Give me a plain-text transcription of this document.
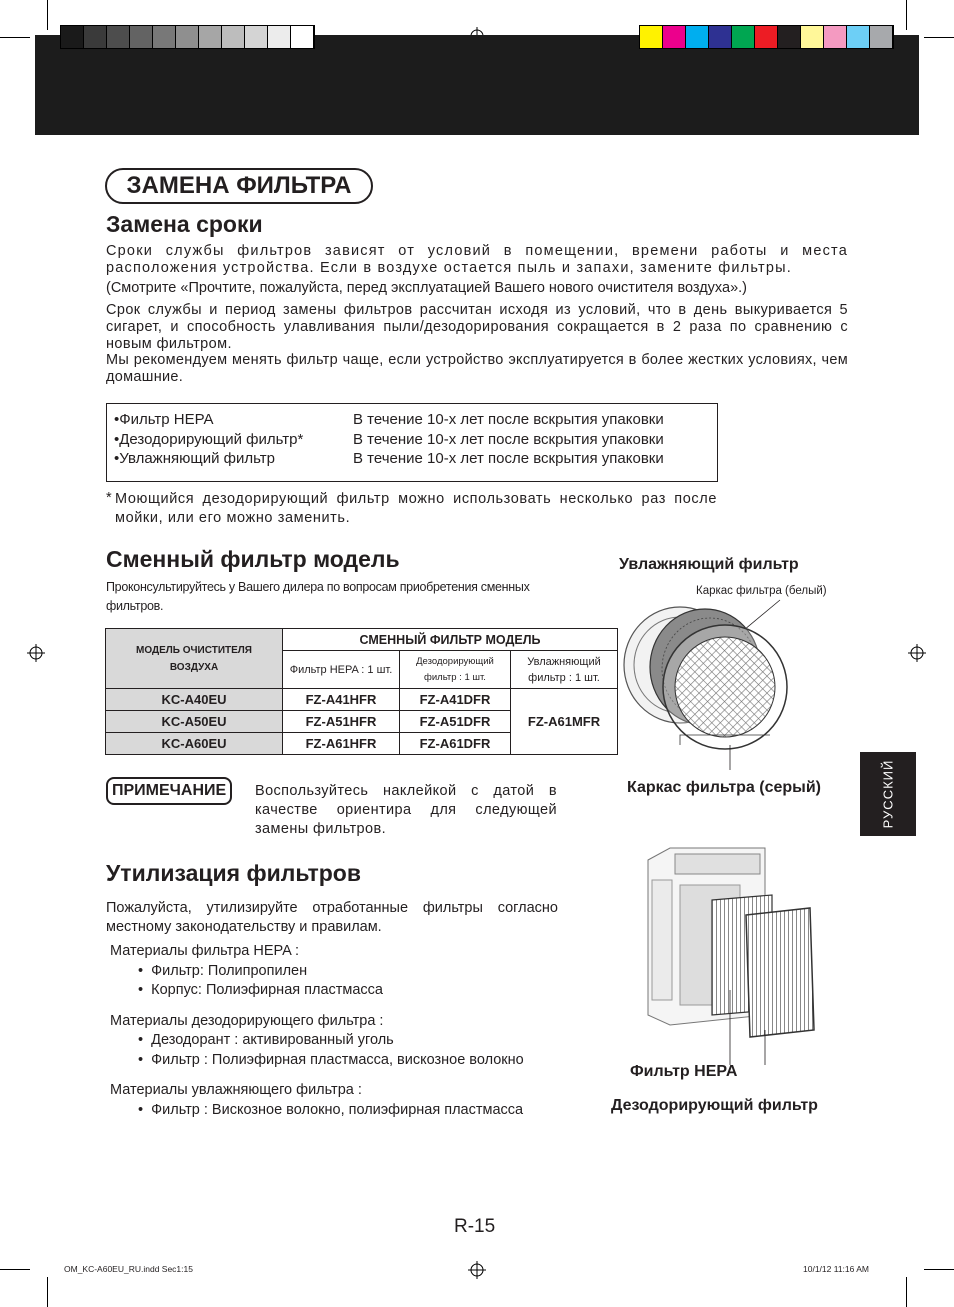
ЗАМЕНА ФИЛЬТРА
Замена сроки
Сроки службы фильтров зависят от условий в помещении, времени работы и места расположения устройства. Если в воздухе остается пыль и запахи, замените фильтры.
(Смотрите «Прочтите, пожалуйста, перед эксплуатацией Вашего нового очистителя воздуха».)
Срок службы и период замены фильтров рассчитан исходя из условий, что в день выкуривается 5 сигарет, и способность улавливания пыли/дезодорирования сокращается в 2 раза по сравнению с новым фильтром.
Мы рекомендуем менять фильтр чаще, если устройство эксплуатируется в более жестких условиях, чем домашние.
•Фильтр HEPA	В течение 10-х лет после вскрытия упаковки
•Дезодорирующий фильтр*	В течение 10-х лет после вскрытия упаковки
•Увлажняющий фильтр	В течение 10-х лет после вскрытия упаковки
* Моющийся дезодорирующий фильтр можно использовать несколько раз после мойки, или его можно заменить.
Сменный фильтр модель
Проконсультируйтесь у Вашего дилера по вопросам приобретения сменных фильтров.
МОДЕЛЬ ОЧИСТИТЕЛЯ ВОЗДУХА	СМЕННЫЙ ФИЛЬТР МОДЕЛЬ		
	Фильтр HEPA : 1 шт.	Дезодорирующий фильтр : 1 шт.	Увлажняющий фильтр : 1 шт.
KC-A40EU	FZ-A41HFR	FZ-A41DFR	FZ-A61MFR
KC-A50EU	FZ-A51HFR	FZ-A51DFR	
KC-A60EU	FZ-A61HFR	FZ-A61DFR	
ПРИМЕЧАНИЕ	Воспользуйтесь наклейкой с датой в качестве ориентира для следующей замены фильтров.
Утилизация фильтров
Пожалуйста, утилизируйте отработанные фильтры согласно местному законодательству и правилам.
Материалы фильтра HEPA :
•  Фильтр: Полипропилен
•  Корпус: Полиэфирная пластмасса
Материалы дезодорирующего фильтра :
•  Дезодорант : активированный уголь
•  Фильтр : Полиэфирная пластмасса, вискозное волокно
Материалы увлажняющего фильтра :
•  Фильтр : Вискозное волокно, полиэфирная пластмасса
Увлажняющий фильтр
Каркас фильтра (белый)
Каркас фильтра (серый)
Фильтр HEPA
Дезодорирующий фильтр
РУССКИЙ
R-15
OM_KC-A60EU_RU.indd Sec1:15	10/1/12 11:16 AM
